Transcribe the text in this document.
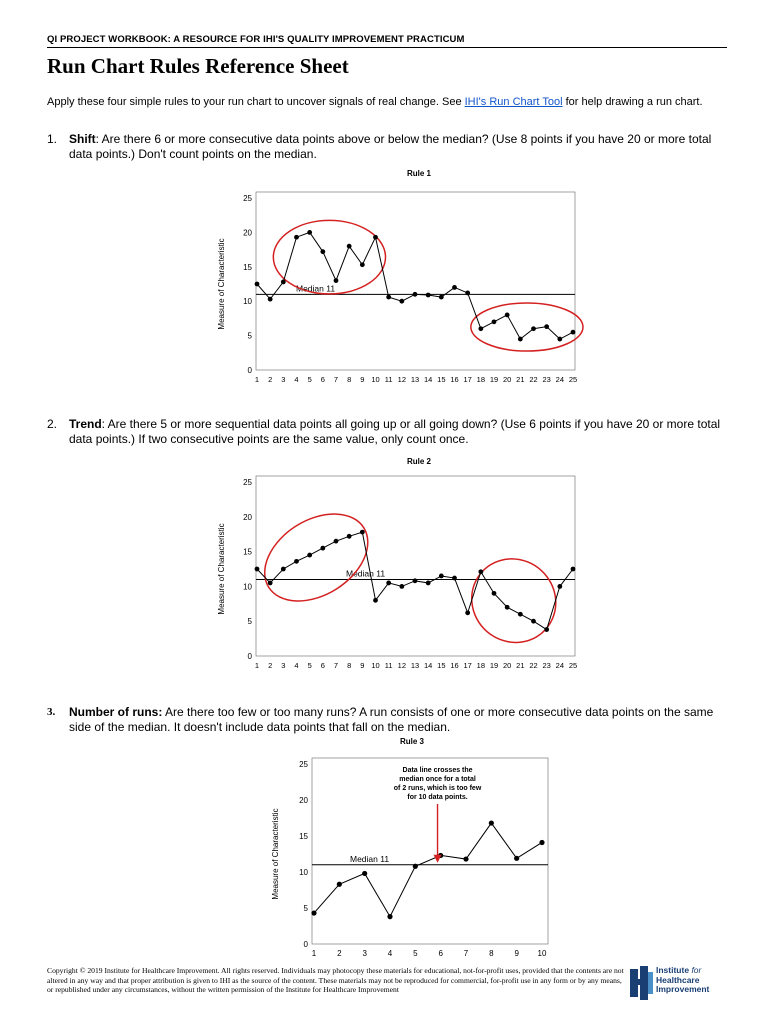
QI PROJECT WORKBOOK: A RESOURCE FOR IHI'S QUALITY IMPROVEMENT PRACTICUM
Run Chart Rules Reference Sheet
Apply these four simple rules to your run chart to uncover signals of real change. See IHI's Run Chart Tool for help drawing a run chart.
1. Shift: Are there 6 or more consecutive data points above or below the median? (Use 8 points if you have 20 or more total data points.) Don't count points on the median.
Rule 1
Measure of Characteristic
0
5
10
15
20
25
1 2 3 4 5 6 7 8 9 10 11 12 13 14 15 16 17 18 19 20 21 22 23 24 25
Median 11
2. Trend: Are there 5 or more sequential data points all going up or all going down? (Use 6 points if you have 20 or more total data points.) If two consecutive points are the same value, only count once.
Rule 2
Measure of Characteristic
0
5
10
15
20
25
1 2 3 4 5 6 7 8 9 10 11 12 13 14 15 16 17 18 19 20 21 22 23 24 25
Median 11
3. Number of runs: Are there too few or too many runs? A run consists of one or more consecutive data points on the same side of the median. It doesn't include data points that fall on the median.
Rule 3
Measure of Characteristic
0
5
10
15
20
25
1	2	3	4	5	6	7	8	9 10
Median 11
Data line crosses the
median once for a total
of 2 runs, which is too few
for 10 data points.
Copyright © 2019 Institute for Healthcare Improvement. All rights reserved. Individuals may photocopy these materials for educational, not-for-profit uses, provided that the contents are not altered in any way and that proper attribution is given to IHI as the source of the content. These materials may not be reproduced for commercial, for-profit use in any form or by any means, or republished under any circumstances, without the written permission of the Institute for Healthcare Improvement
Institute for
Healthcare
Improvement
